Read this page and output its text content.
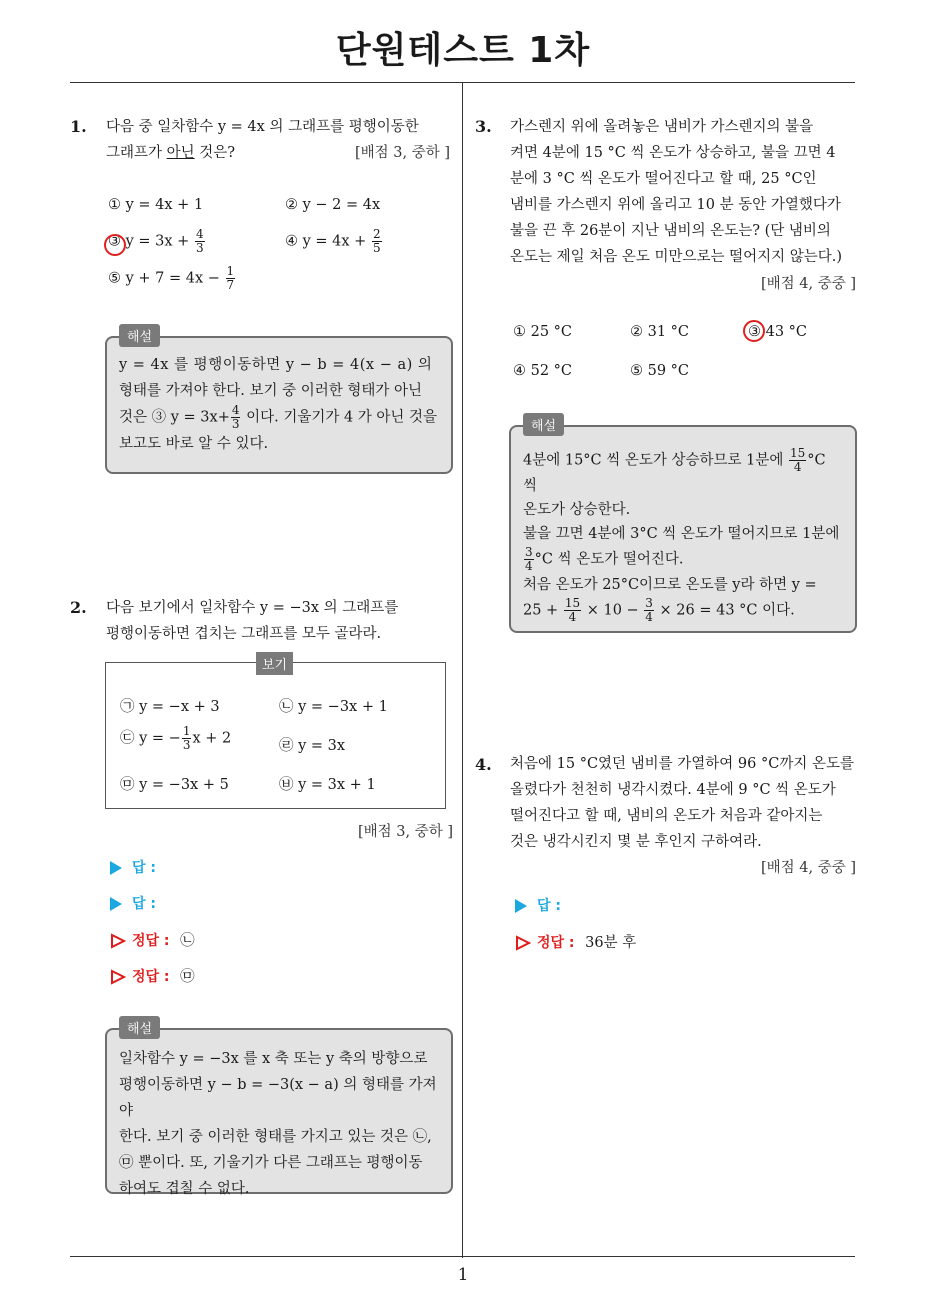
단원테스트 1차
1. 다음 중 일차함수 y = 4x 의 그래프를 평행이동한
그래프가 아닌 것은?	[배점 3, 중하 ]
① y = 4x + 1	② y − 2 = 4x
③ $y = 3x + \frac{4}{3}$	④ $y = 4x + \frac{2}{5}$
⑤ $y + 7 = 4x - \frac{1}{7}$
y = 4x 를 평행이동하면 y − b = 4(x − a) 의
형태를 가져야 한다. 보기 중 이러한 형태가 아닌
것은 ③ $y = 3x+ \frac{4}{3}$ 이다. 기울기가 4 가 아닌 것을
보고도 바로 알 수 있다.
해설
2. 다음 보기에서 일차함수 y = −3x 의 그래프를
평행이동하면 겹치는 그래프를 모두 골라라.
㉠ y = −x + 3	㉡ y = −3x + 1
㉢ y = − $\frac{1}{3}$ x + 2	㉣ y = 3x
㉤ y = −3x + 5	㉥ y = 3x + 1
보기
[배점 3, 중하 ]
답 :
답 :
정답 : ㉡
정답 : ㉤
일차함수 y = −3x 를 x 축 또는 y 축의 방향으로
평행이동하면 y − b = −3(x − a) 의 형태를 가져야
한다. 보기 중 이러한 형태를 가지고 있는 것은 ㉡,
㉤ 뿐이다. 또, 기울기가 다른 그래프는 평행이동
하여도 겹칠 수 없다.
해설
3. 가스렌지 위에 올려놓은 냄비가 가스렌지의 불을
켜면 4분에 15 °C 씩 온도가 상승하고, 불을 끄면 4
분에 3 °C 씩 온도가 떨어진다고 할 때, 25 °C인
냄비를 가스렌지 위에 올리고 10 분 동안 가열했다가
불을 끈 후 26분이 지난 냄비의 온도는? (단 냄비의
온도는 제일 처음 온도 미만으로는 떨어지지 않는다.)
[배점 4, 중중 ]
① 25 °C	② 31 °C	③ 43 °C
④ 52 °C	⑤ 59 °C
4분에 15°C 씩 온도가 상승하므로 1분에 $\frac{15}{4} ^\circ C$ 씩
온도가 상승한다.
불을 끄면 4분에 3°C 씩 온도가 떨어지므로 1분에
$\frac{3}{4} ^\circ C$ 씩 온도가 떨어진다.
처음 온도가 25°C이므로 온도를 y라 하면 y =
$25 + \frac{15}{4} \times 10 - \frac{3}{4} \times 26 = 43$ °C 이다.
해설
4. 처음에 15 °C였던 냄비를 가열하여 96 °C까지 온도를
올렸다가 천천히 냉각시켰다. 4분에 9 °C 씩 온도가
떨어진다고 할 때, 냄비의 온도가 처음과 같아지는
것은 냉각시킨지 몇 분 후인지 구하여라.
[배점 4, 중중 ]
답 :
정답 : 36분 후
1
